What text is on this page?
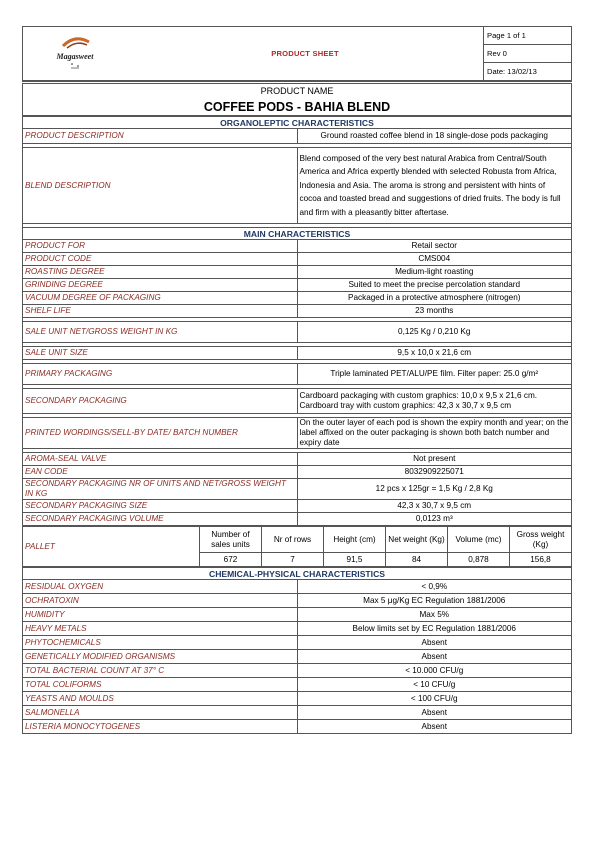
Magasweet	PRODUCT SHEET	Page 1 of 1
Rev 0
Date: 13/02/13
PRODUCT NAME
COFFEE PODS - BAHIA BLEND
ORGANOLEPTIC CHARACTERISTICS	
PRODUCT DESCRIPTION	Ground roasted coffee blend in 18 single-dose pods packaging

BLEND DESCRIPTION	Blend composed of the very best natural Arabica from Central/South America and Africa expertly blended with selected Robusta from Africa, Indonesia and Asia. The aroma is strong and persistent with hints of cocoa and toasted bread and suggestions of dried fruits. The body is full and firm with a pleasantly bitter aftertase.

MAIN CHARACTERISTICS	
PRODUCT FOR	Retail sector
PRODUCT CODE	CMS004
ROASTING DEGREE	Medium-light roasting
GRINDING DEGREE	Suited to meet the precise percolation standard
VACUUM DEGREE OF PACKAGING	Packaged in a protective atmosphere (nitrogen)
SHELF LIFE	23 months

SALE UNIT NET/GROSS WEIGHT IN KG	0,125 Kg / 0,210 Kg

SALE UNIT SIZE	9,5 x 10,0 x 21,6 cm

PRIMARY PACKAGING	Triple laminated PET/ALU/PE film. Filter paper: 25.0 g/m²

SECONDARY PACKAGING	Cardboard packaging with custom graphics: 10,0 x 9,5 x 21,6 cm. Cardboard tray with custom graphics: 42,3 x 30,7 x 9,5 cm

PRINTED WORDINGS/SELL-BY DATE/ BATCH NUMBER	On the outer layer of each pod is shown the expiry month and year; on the label affixed on the outer packaging is shown both batch number and expiry date

AROMA-SEAL VALVE	Not present
EAN CODE	8032909225071
SECONDARY PACKAGING NR OF UNITS AND NET/GROSS WEIGHT IN KG	12 pcs x 125gr = 1,5 Kg / 2,8 Kg
SECONDARY PACKAGING SIZE	42,3 x 30,7 x 9,5 cm
SECONDARY PACKAGING VOLUME	0,0123 m³
PALLET	Number of sales units	Nr of rows	Height (cm)	Net weight (Kg)	Volume (mc)	Gross weight (Kg)
	672	7	91,5	84	0,878	156,8
CHEMICAL-PHYSICAL CHARACTERISTICS	
RESIDUAL OXYGEN	< 0,9%
OCHRATOXIN	Max 5 μg/Kg EC Regulation 1881/2006
HUMIDITY	Max 5%
HEAVY METALS	Below limits set by EC Regulation 1881/2006
PHYTOCHEMICALS	Absent
GENETICALLY MODIFIED ORGANISMS	Absent
TOTAL BACTERIAL COUNT AT 37° C	< 10.000 CFU/g
TOTAL COLIFORMS	< 10 CFU/g
YEASTS AND MOULDS	< 100 CFU/g
SALMONELLA	Absent
LISTERIA MONOCYTOGENES	Absent
